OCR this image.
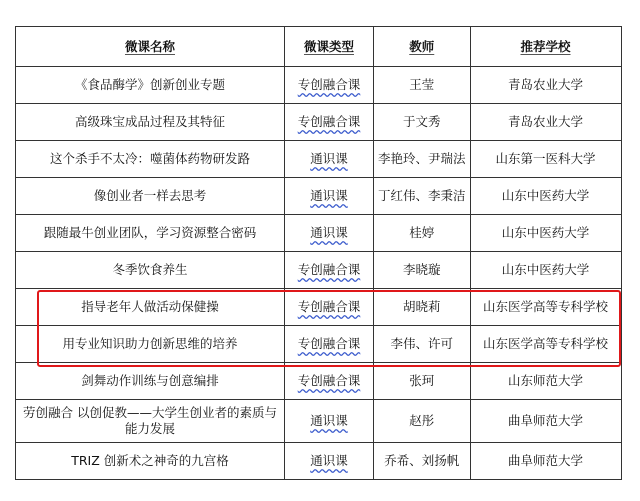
微课名称	微课类型	教师	推荐学校
《食品酶学》创新创业专题	专创融合课	王莹	青岛农业大学
高级珠宝成品过程及其特征	专创融合课	于文秀	青岛农业大学
这个杀手不太冷：噬菌体药物研发路	通识课	李艳玲、尹瑞法	山东第一医科大学
像创业者一样去思考	通识课	丁红伟、李秉洁	山东中医药大学
跟随最牛创业团队，学习资源整合密码	通识课	桂婷	山东中医药大学
冬季饮食养生	专创融合课	李晓璇	山东中医药大学
指导老年人做活动保健操	专创融合课	胡晓莉	山东医学高等专科学校
用专业知识助力创新思维的培养	专创融合课	李伟、许可	山东医学高等专科学校
剑舞动作训练与创意编排	专创融合课	张珂	山东师范大学
劳创融合 以创促教——大学生创业者的素质与能力发展	通识课	赵彤	曲阜师范大学
TRIZ 创新术之神奇的九宫格	通识课	乔希、刘扬帆	曲阜师范大学
